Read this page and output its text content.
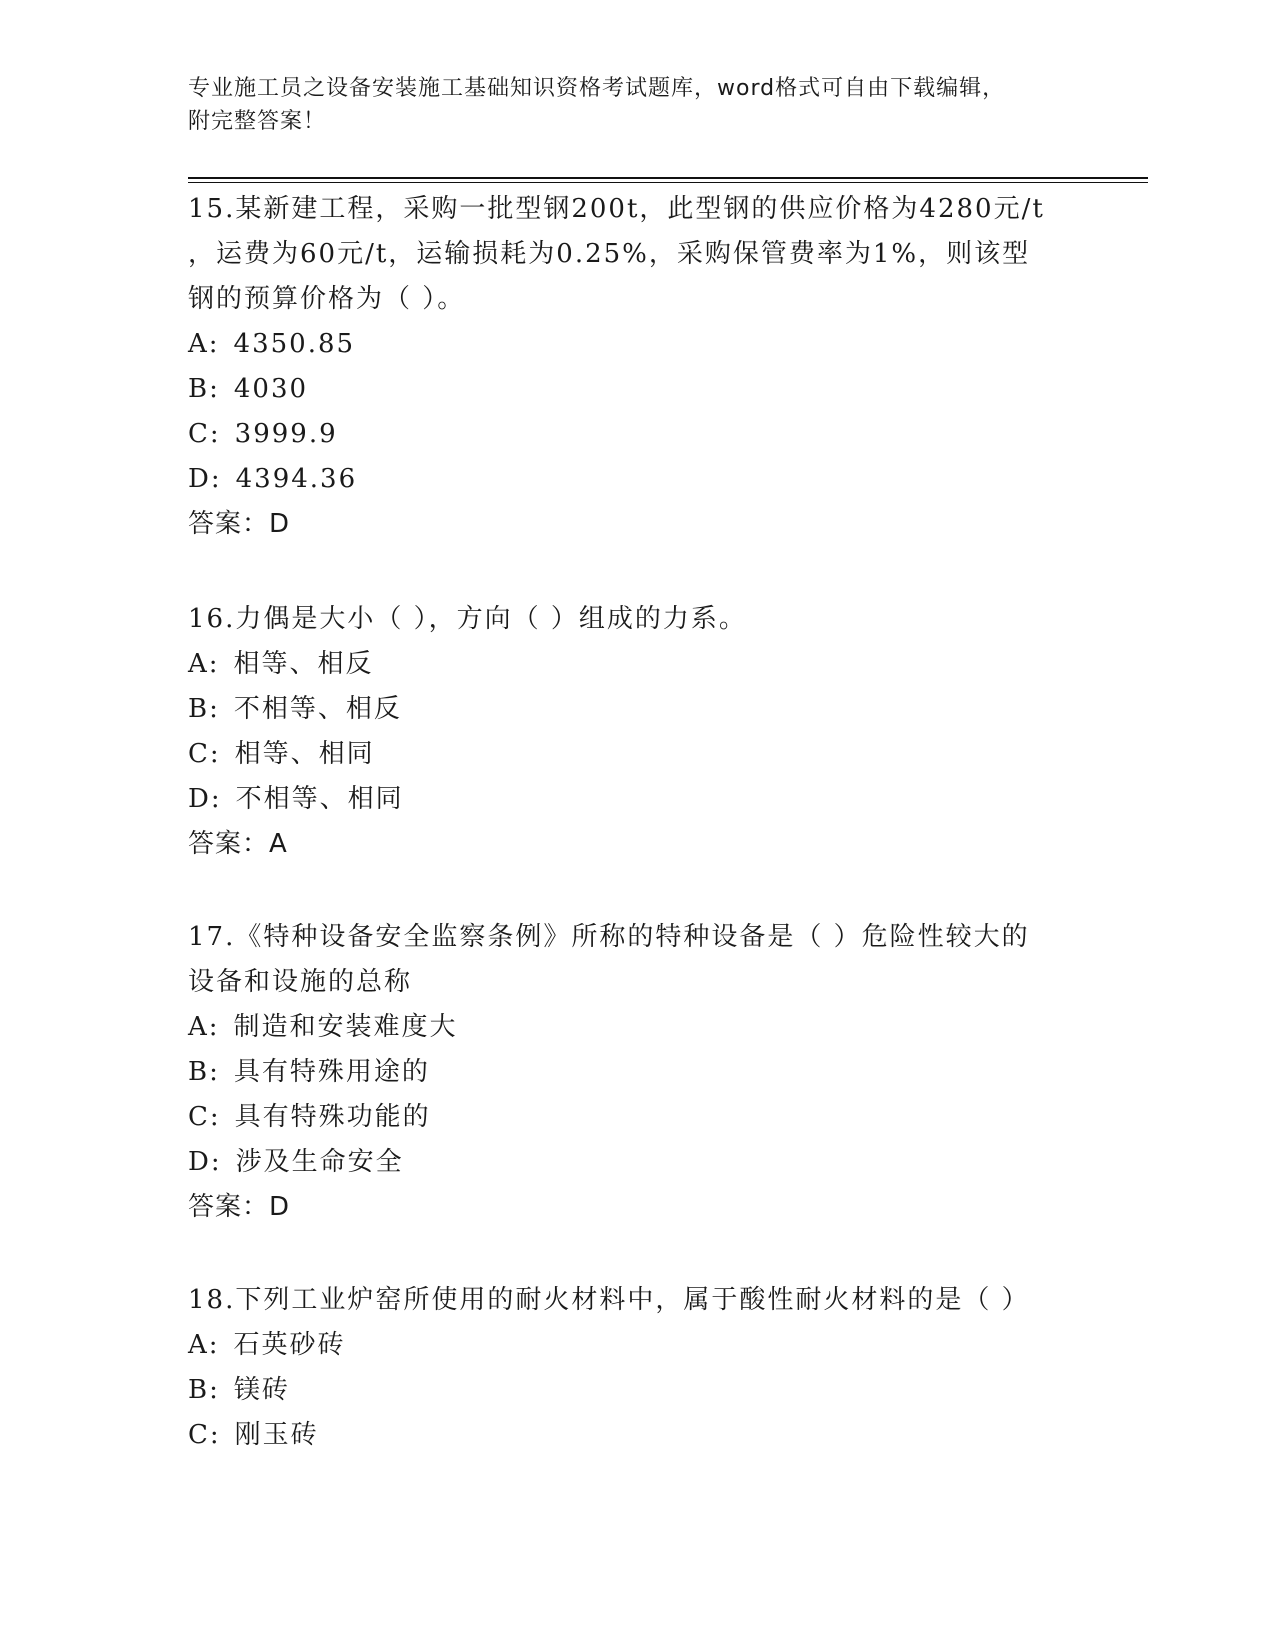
专业施工员之设备安装施工基础知识资格考试题库，word格式可自由下载编辑，
附完整答案！
15.某新建工程，采购一批型钢200t，此型钢的供应价格为4280元/t
，运费为60元/t，运输损耗为0.25%，采购保管费率为1%，则该型
钢的预算价格为（ ）。
A: 4350.85
B: 4030
C: 3999.9
D: 4394.36
答案：D
16.力偶是大小（ ），方向（ ）组成的力系。
A: 相等、相反
B: 不相等、相反
C: 相等、相同
D: 不相等、相同
答案：A
17.《特种设备安全监察条例》所称的特种设备是（ ）危险性较大的
设备和设施的总称
A: 制造和安装难度大
B: 具有特殊用途的
C: 具有特殊功能的
D: 涉及生命安全
答案：D
18.下列工业炉窑所使用的耐火材料中，属于酸性耐火材料的是（ ）
A: 石英砂砖
B: 镁砖
C: 刚玉砖
